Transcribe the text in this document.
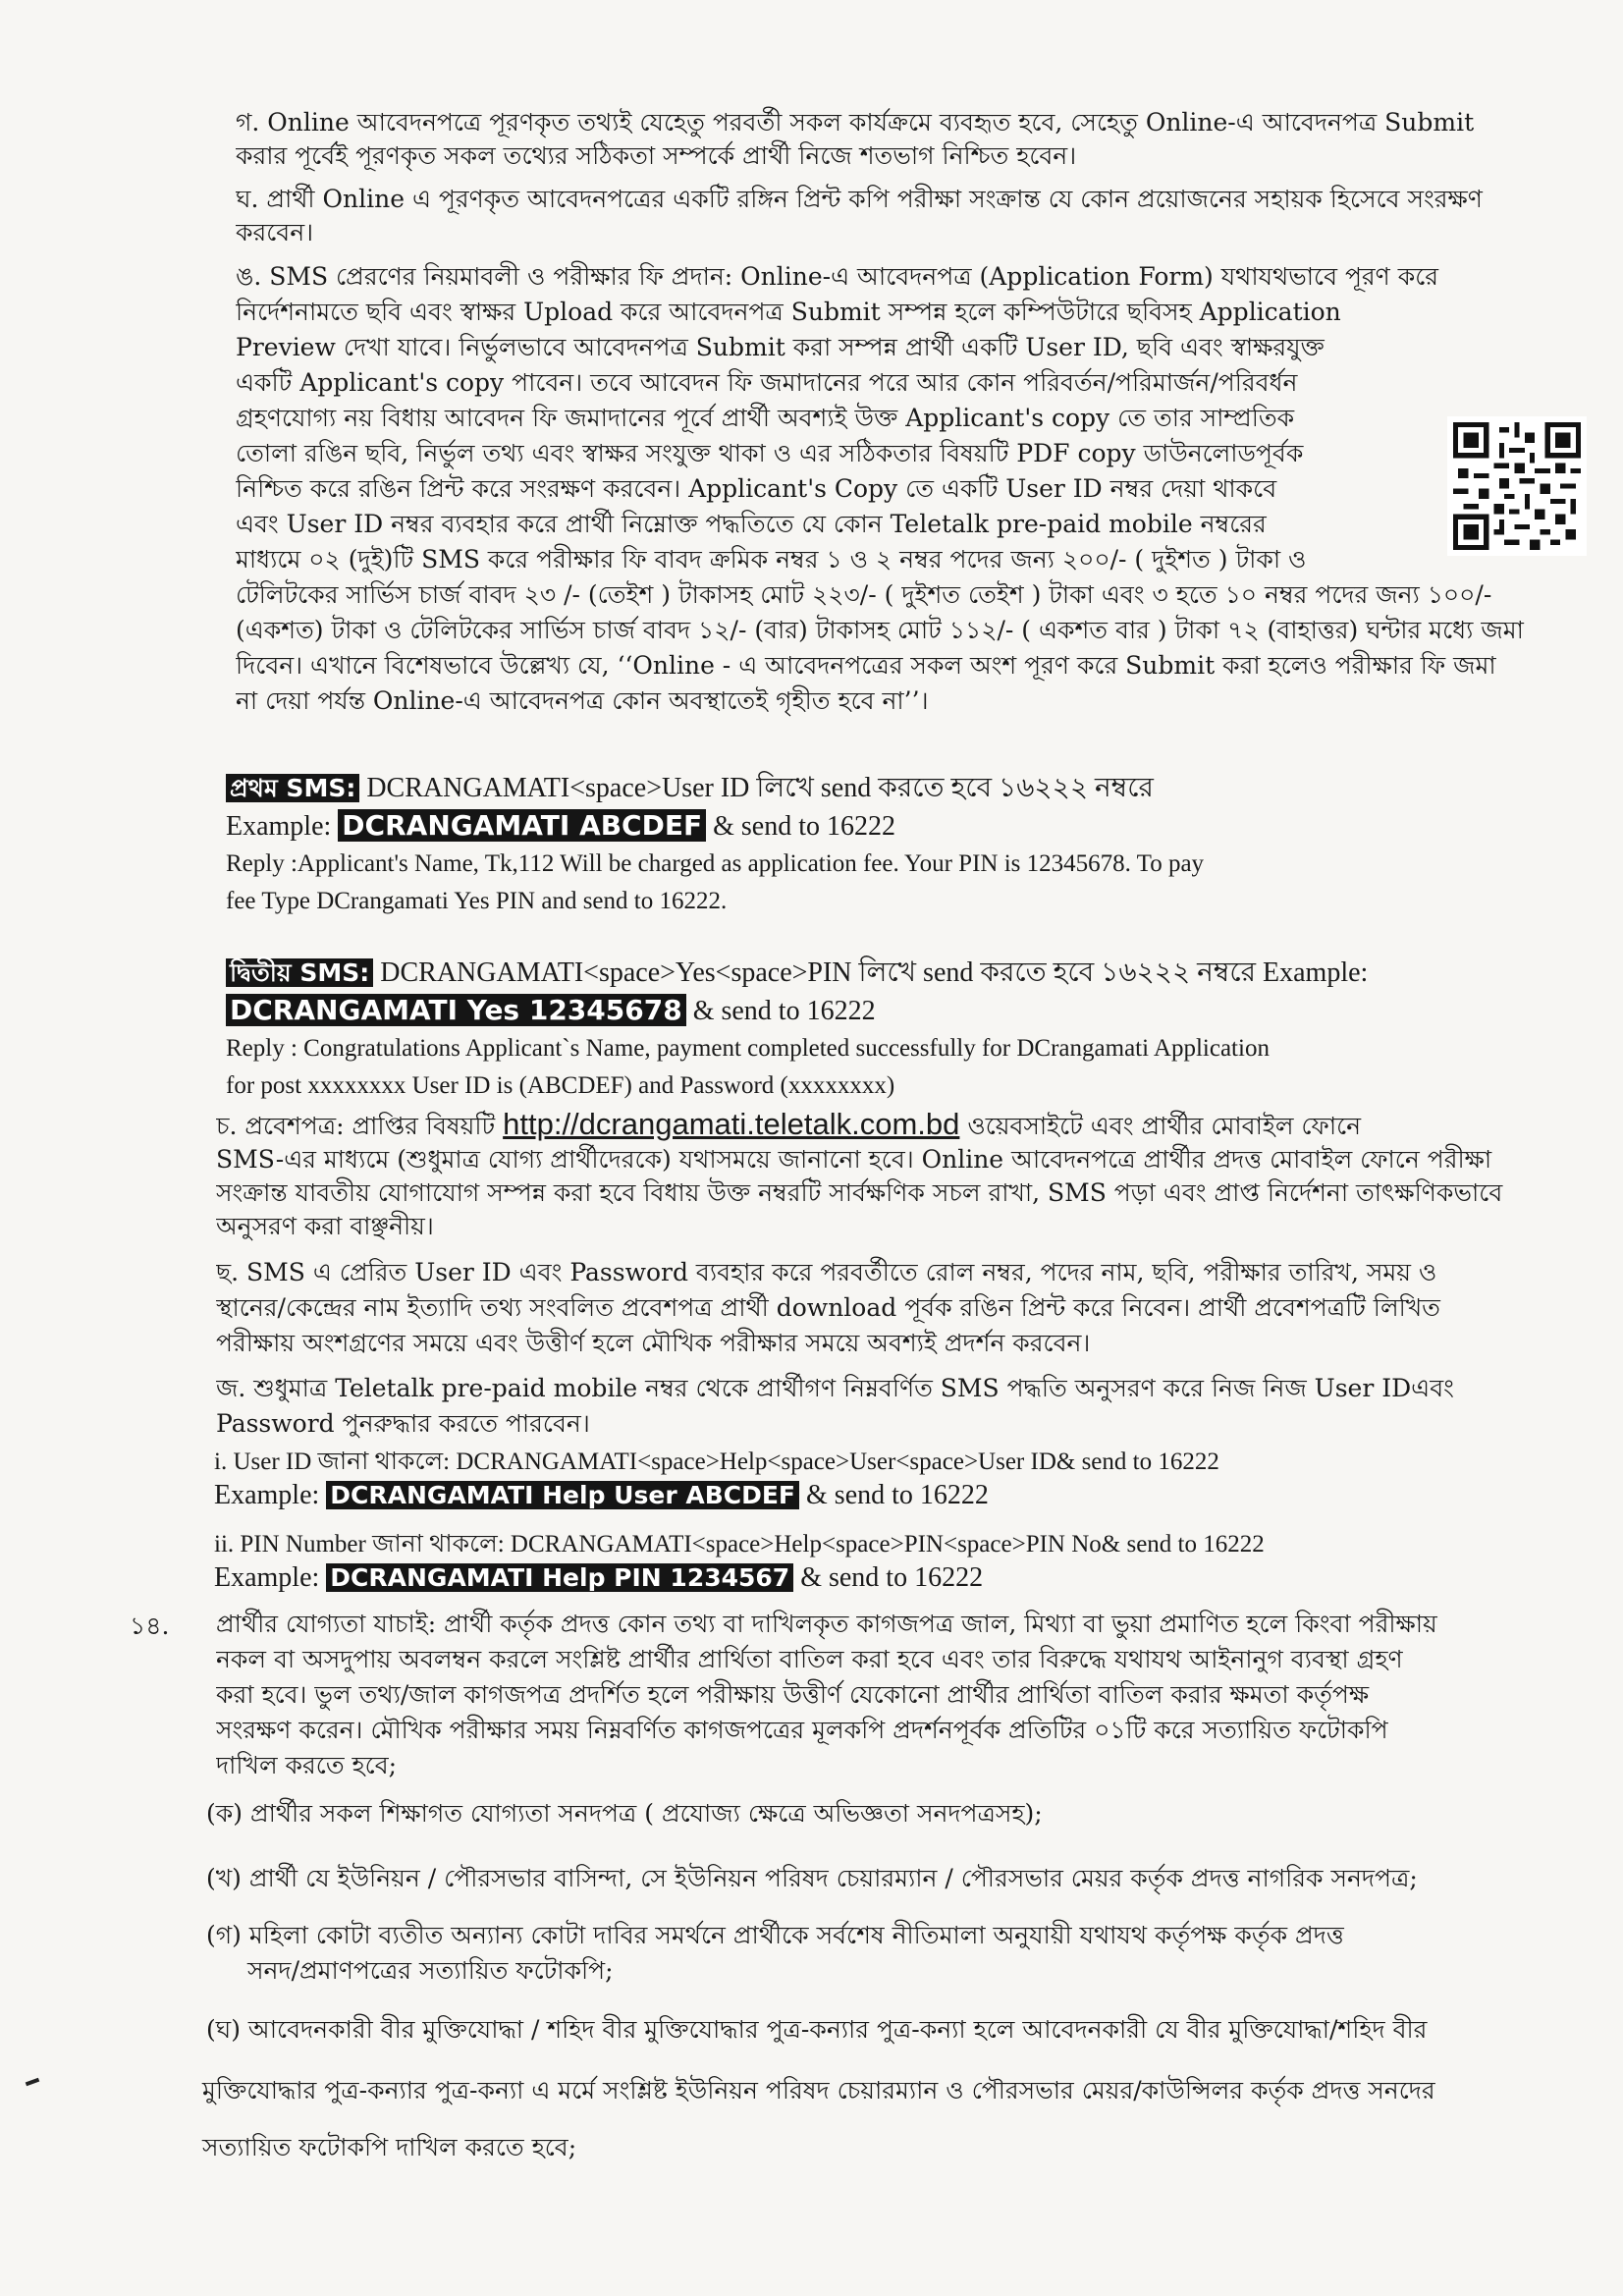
গ. Online আবেদনপত্রে পূরণকৃত তথ্যই যেহেতু পরবর্তী সকল কার্যক্রমে ব্যবহৃত হবে, সেহেতু Online-এ আবেদনপত্র Submit
করার পূর্বেই পূরণকৃত সকল তথ্যের সঠিকতা সম্পর্কে প্রার্থী নিজে শতভাগ নিশ্চিত হবেন।
ঘ. প্রার্থী Online এ পূরণকৃত আবেদনপত্রের একটি রঙ্গিন প্রিন্ট কপি পরীক্ষা সংক্রান্ত যে কোন প্রয়োজনের সহায়ক হিসেবে সংরক্ষণ
করবেন।
ঙ. SMS প্রেরণের নিয়মাবলী ও পরীক্ষার ফি প্রদান: Online-এ আবেদনপত্র (Application Form) যথাযথভাবে পূরণ করে
নির্দেশনামতে ছবি এবং স্বাক্ষর Upload করে আবেদনপত্র Submit সম্পন্ন হলে কম্পিউটারে ছবিসহ Application
Preview দেখা যাবে। নির্ভুলভাবে আবেদনপত্র Submit করা সম্পন্ন প্রার্থী একটি User ID, ছবি এবং স্বাক্ষরযুক্ত
একটি Applicant's copy পাবেন। তবে আবেদন ফি জমাদানের পরে আর কোন পরিবর্তন/পরিমার্জন/পরিবর্ধন
গ্রহণযোগ্য নয় বিধায় আবেদন ফি জমাদানের পূর্বে প্রার্থী অবশ্যই উক্ত Applicant's copy তে তার সাম্প্রতিক
তোলা রঙিন ছবি, নির্ভুল তথ্য এবং স্বাক্ষর সংযুক্ত থাকা ও এর সঠিকতার বিষয়টি PDF copy ডাউনলোডপূর্বক
নিশ্চিত করে রঙিন প্রিন্ট করে সংরক্ষণ করবেন। Applicant's Copy তে একটি User ID নম্বর দেয়া থাকবে
এবং User ID নম্বর ব্যবহার করে প্রার্থী নিম্নোক্ত পদ্ধতিতে যে কোন Teletalk pre-paid mobile নম্বরের
মাধ্যমে ০২ (দুই)টি SMS করে পরীক্ষার ফি বাবদ ক্রমিক নম্বর ১ ও ২ নম্বর পদের জন্য ২০০/- ( দুইশত ) টাকা ও
টেলিটকের সার্ভিস চার্জ বাবদ ২৩ /- (তেইশ ) টাকাসহ মোট ২২৩/- ( দুইশত তেইশ ) টাকা এবং ৩ হতে ১০ নম্বর পদের জন্য ১০০/-
(একশত) টাকা ও টেলিটকের সার্ভিস চার্জ বাবদ ১২/- (বার) টাকাসহ মোট ১১২/- ( একশত বার ) টাকা ৭২ (বাহাত্তর) ঘন্টার মধ্যে জমা
দিবেন। এখানে বিশেষভাবে উল্লেখ্য যে, ‘‘Online - এ আবেদনপত্রের সকল অংশ পূরণ করে Submit করা হলেও পরীক্ষার ফি জমা
না দেয়া পর্যন্ত Online-এ আবেদনপত্র কোন অবস্থাতেই গৃহীত হবে না’’।
প্রথম SMS: DCRANGAMATI<space>User ID লিখে send করতে হবে ১৬২২২ নম্বরে
Example: DCRANGAMATI ABCDEF & send to 16222
Reply :Applicant's Name, Tk,112 Will be charged as application fee. Your PIN is 12345678. To pay
fee Type DCrangamati Yes PIN and send to 16222.
দ্বিতীয় SMS: DCRANGAMATI<space>Yes<space>PIN লিখে send করতে হবে ১৬২২২ নম্বরে Example:
DCRANGAMATI Yes 12345678 & send to 16222
Reply : Congratulations Applicant`s Name, payment completed successfully for DCrangamati Application
for post xxxxxxxx User ID is (ABCDEF) and Password (xxxxxxxx)
চ. প্রবেশপত্র: প্রাপ্তির বিষয়টি http://dcrangamati.teletalk.com.bd ওয়েবসাইটে এবং প্রার্থীর মোবাইল ফোনে
SMS-এর মাধ্যমে (শুধুমাত্র যোগ্য প্রার্থীদেরকে) যথাসময়ে জানানো হবে। Online আবেদনপত্রে প্রার্থীর প্রদত্ত মোবাইল ফোনে পরীক্ষা
সংক্রান্ত যাবতীয় যোগাযোগ সম্পন্ন করা হবে বিধায় উক্ত নম্বরটি সার্বক্ষণিক সচল রাখা, SMS পড়া এবং প্রাপ্ত নির্দেশনা তাৎক্ষণিকভাবে
অনুসরণ করা বাঞ্ছনীয়।
ছ. SMS এ প্রেরিত User ID এবং Password ব্যবহার করে পরবর্তীতে রোল নম্বর, পদের নাম, ছবি, পরীক্ষার তারিখ, সময় ও
স্থানের/কেন্দ্রের নাম ইত্যাদি তথ্য সংবলিত প্রবেশপত্র প্রার্থী download পূর্বক রঙিন প্রিন্ট করে নিবেন। প্রার্থী প্রবেশপত্রটি লিখিত
পরীক্ষায় অংশগ্রণের সময়ে এবং উত্তীর্ণ হলে মৌখিক পরীক্ষার সময়ে অবশ্যই প্রদর্শন করবেন।
জ. শুধুমাত্র Teletalk pre-paid mobile নম্বর থেকে প্রার্থীগণ নিম্নবর্ণিত SMS পদ্ধতি অনুসরণ করে নিজ নিজ User IDএবং
Password পুনরুদ্ধার করতে পারবেন।
i. User ID জানা থাকলে: DCRANGAMATI<space>Help<space>User<space>User ID& send to 16222
Example: DCRANGAMATI Help User ABCDEF & send to 16222
ii. PIN Number জানা থাকলে: DCRANGAMATI<space>Help<space>PIN<space>PIN No& send to 16222
Example: DCRANGAMATI Help PIN 1234567 & send to 16222
১৪. প্রার্থীর যোগ্যতা যাচাই: প্রার্থী কর্তৃক প্রদত্ত কোন তথ্য বা দাখিলকৃত কাগজপত্র জাল, মিথ্যা বা ভুয়া প্রমাণিত হলে কিংবা পরীক্ষায়
নকল বা অসদুপায় অবলম্বন করলে সংশ্লিষ্ট প্রার্থীর প্রার্থিতা বাতিল করা হবে এবং তার বিরুদ্ধে যথাযথ আইনানুগ ব্যবস্থা গ্রহণ
করা হবে। ভুল তথ্য/জাল কাগজপত্র প্রদর্শিত হলে পরীক্ষায় উত্তীর্ণ যেকোনো প্রার্থীর প্রার্থিতা বাতিল করার ক্ষমতা কর্তৃপক্ষ
সংরক্ষণ করেন। মৌখিক পরীক্ষার সময় নিম্নবর্ণিত কাগজপত্রের মূলকপি প্রদর্শনপূর্বক প্রতিটির ০১টি করে সত্যায়িত ফটোকপি
দাখিল করতে হবে;
(ক) প্রার্থীর সকল শিক্ষাগত যোগ্যতা সনদপত্র ( প্রযোজ্য ক্ষেত্রে অভিজ্ঞতা সনদপত্রসহ);
(খ) প্রার্থী যে ইউনিয়ন / পৌরসভার বাসিন্দা, সে ইউনিয়ন পরিষদ চেয়ারম্যান / পৌরসভার মেয়র কর্তৃক প্রদত্ত নাগরিক সনদপত্র;
(গ) মহিলা কোটা ব্যতীত অন্যান্য কোটা দাবির সমর্থনে প্রার্থীকে সর্বশেষ নীতিমালা অনুযায়ী যথাযথ কর্তৃপক্ষ কর্তৃক প্রদত্ত
সনদ/প্রমাণপত্রের সত্যায়িত ফটোকপি;
(ঘ) আবেদনকারী বীর মুক্তিযোদ্ধা / শহিদ বীর মুক্তিযোদ্ধার পুত্র-কন্যার পুত্র-কন্যা হলে আবেদনকারী যে বীর মুক্তিযোদ্ধা/শহিদ বীর
মুক্তিযোদ্ধার পুত্র-কন্যার পুত্র-কন্যা এ মর্মে সংশ্লিষ্ট ইউনিয়ন পরিষদ চেয়ারম্যান ও পৌরসভার মেয়র/কাউন্সিলর কর্তৃক প্রদত্ত সনদের
সত্যায়িত ফটোকপি দাখিল করতে হবে;
